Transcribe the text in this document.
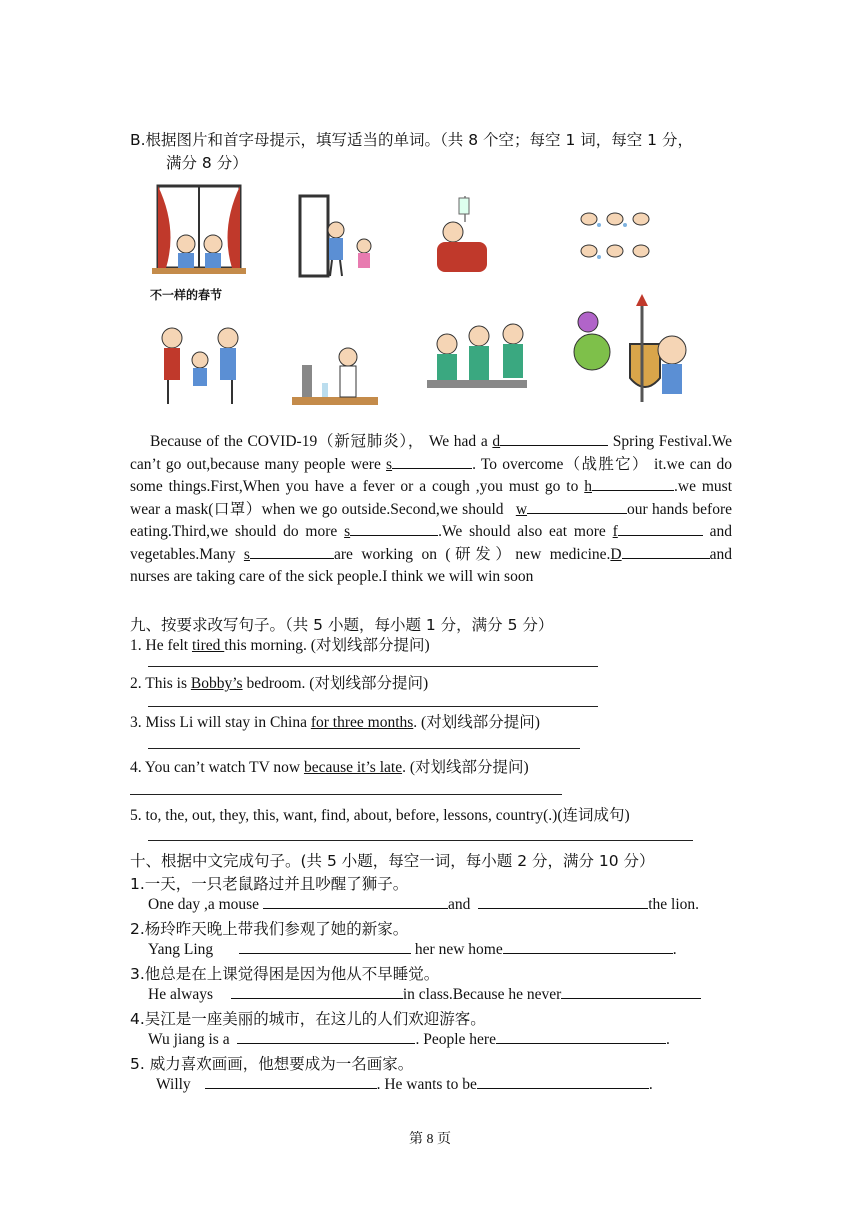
B.根据图片和首字母提示，填写适当的单词。（共 8 个空；每空 1 词，每空 1 分，
满分 8 分）
不一样的春节
Because of the COVID-19（新冠肺炎）， We had a d	Spring Festival.We can’t go out,because many people were s	. To overcome（战胜它） it.we can do some things.First,When you have a fever or a cough ,you must go to h	.we must wear a mask(口罩）when we go outside.Second,we should w	our hands before eating.Third,we should do more s	.We should also eat more f	and vegetables.Many s	are working on (研发）new medicine.D	and nurses are taking care of the sick people.I think we will win soon
九、按要求改写句子。（共 5 小题，每小题 1 分，满分 5 分）
1. He felt tired this morning. (对划线部分提问)
2. This is Bobby’s bedroom. (对划线部分提问)
3. Miss Li will stay in China for three months. (对划线部分提问)
4. You can’t watch TV now because it’s late. (对划线部分提问)
5. to, the, out, they, this, want, find, about, before, lessons, country(.)(连词成句)
十、根据中文完成句子。(共 5 小题，每空一词，每小题 2 分，满分 10 分）
1.一天，一只老鼠路过并且吵醒了狮子。
One day ,a mouse	and	the lion.
2.杨玲昨天晚上带我们参观了她的新家。
Yang Ling	her new home	.
3.他总是在上课觉得困是因为他从不早睡觉。
He always	in class.Because he never
4.吴江是一座美丽的城市，在这儿的人们欢迎游客。
Wu jiang is a	. People here	.
5. 威力喜欢画画，他想要成为一名画家。
Willy	. He wants to be	.
第 8 页
